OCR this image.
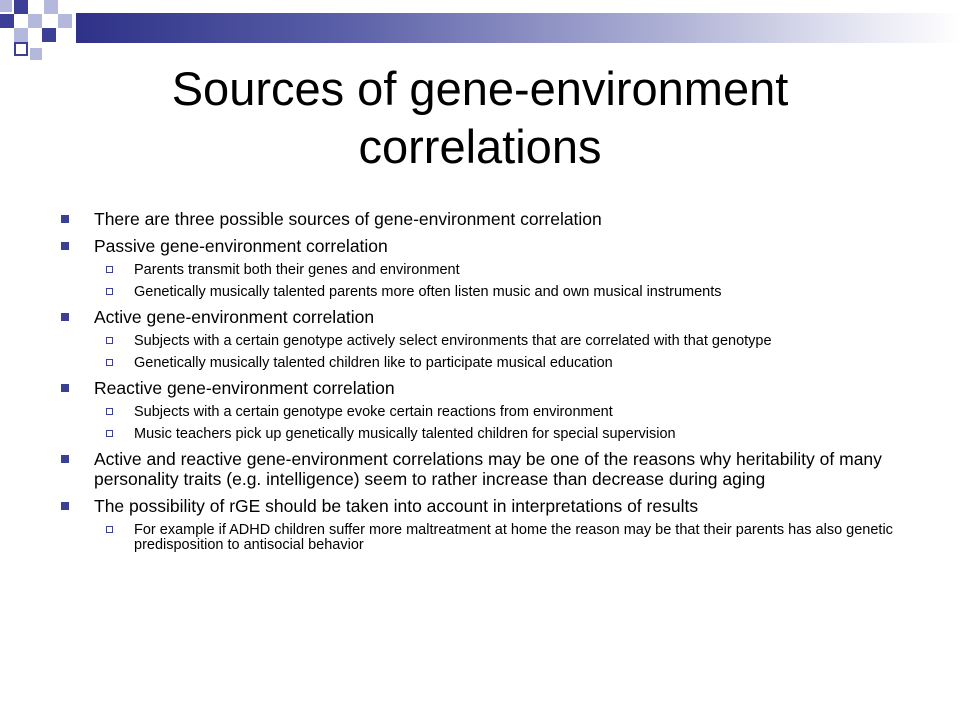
Sources of gene-environment
correlations
There are three possible sources of gene-environment correlation
Passive gene-environment correlation
Parents transmit both their genes and environment
Genetically musically talented parents more often listen music and own musical instruments
Active gene-environment correlation
Subjects with a certain genotype actively select environments that are correlated with that genotype
Genetically musically talented children like to participate musical education
Reactive gene-environment correlation
Subjects with a certain genotype evoke certain reactions from environment
Music teachers pick up genetically musically talented children for special supervision
Active and reactive gene-environment correlations may be one of the reasons why heritability of many personality traits (e.g. intelligence) seem to rather increase than decrease during aging
The possibility of rGE should be taken into account in interpretations of results
For example if ADHD children suffer more maltreatment at home the reason may be that their parents has also genetic predisposition to antisocial behavior
